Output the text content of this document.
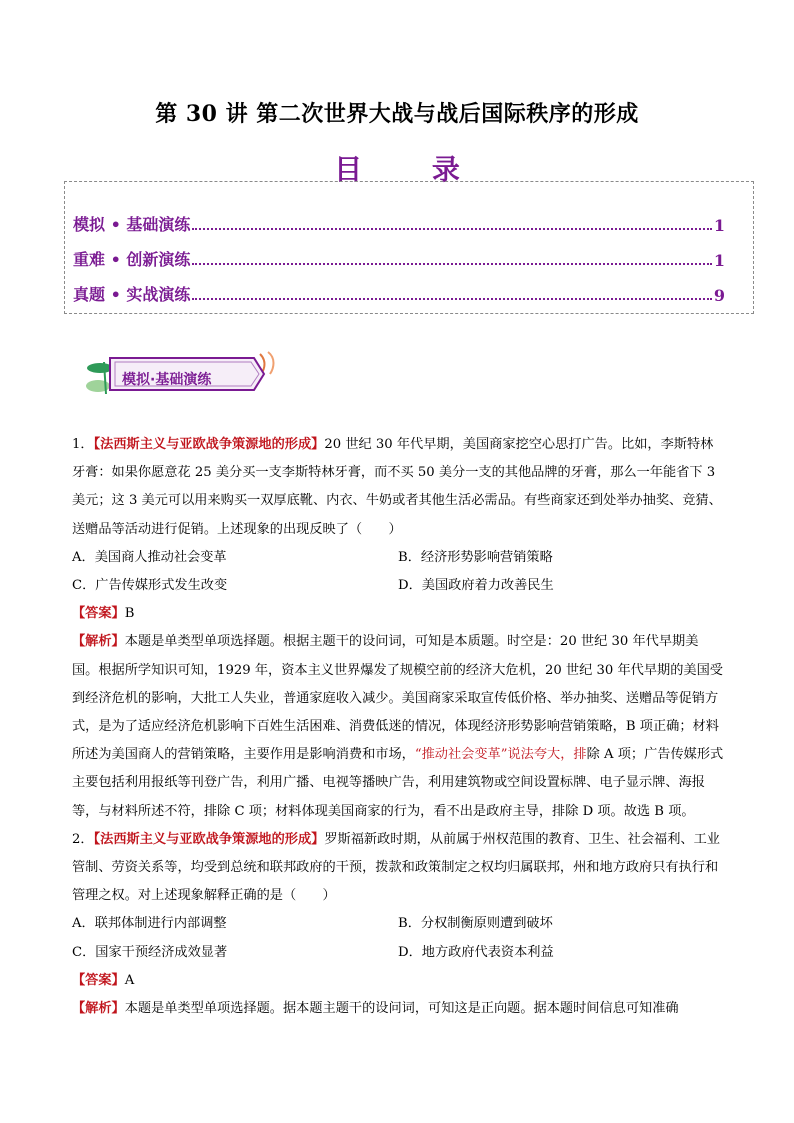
第 30 讲 第二次世界大战与战后国际秩序的形成
目 录
模拟 • 基础演练	1
重难 • 创新演练	1
真题 • 实战演练	9
模拟·基础演练

1．【法西斯主义与亚欧战争策源地的形成】20 世纪 30 年代早期，美国商家挖空心思打广告。比如，李斯特林牙膏：如果你愿意花 25 美分买一支李斯特林牙膏，而不买 50 美分一支的其他品牌的牙膏，那么一年能省下 3 美元；这 3 美元可以用来购买一双厚底靴、内衣、牛奶或者其他生活必需品。有些商家还到处举办抽奖、竞猜、送赠品等活动进行促销。上述现象的出现反映了（　　）

A．美国商人推动社会变革	B．经济形势影响营销策略
C．广告传媒形式发生改变	D．美国政府着力改善民生

【答案】B

【解析】本题是单类型单项选择题。根据主题干的设问词，可知是本质题。时空是：20 世纪 30 年代早期美国。根据所学知识可知，1929 年，资本主义世界爆发了规模空前的经济大危机，20 世纪 30 年代早期的美国受到经济危机的影响，大批工人失业，普通家庭收入减少。美国商家采取宣传低价格、举办抽奖、送赠品等促销方式，是为了适应经济危机影响下百姓生活困难、消费低迷的情况，体现经济形势影响营销策略，B 项正确；材料所述为美国商人的营销策略，主要作用是影响消费和市场，“推动社会变革”说法夸大，排除 A 项；广告传媒形式主要包括利用报纸等刊登广告，利用广播、电视等播映广告，利用建筑物或空间设置标牌、电子显示牌、海报等，与材料所述不符，排除 C 项；材料体现美国商家的行为，看不出是政府主导，排除 D 项。故选 B 项。

2．【法西斯主义与亚欧战争策源地的形成】罗斯福新政时期，从前属于州权范围的教育、卫生、社会福利、工业管制、劳资关系等，均受到总统和联邦政府的干预，拨款和政策制定之权均归属联邦，州和地方政府只有执行和管理之权。对上述现象解释正确的是（　　）

A．联邦体制进行内部调整	B．分权制衡原则遭到破坏
C．国家干预经济成效显著	D．地方政府代表资本利益

【答案】A

【解析】本题是单类型单项选择题。据本题主题干的设问词，可知这是正向题。据本题时间信息可知准确
